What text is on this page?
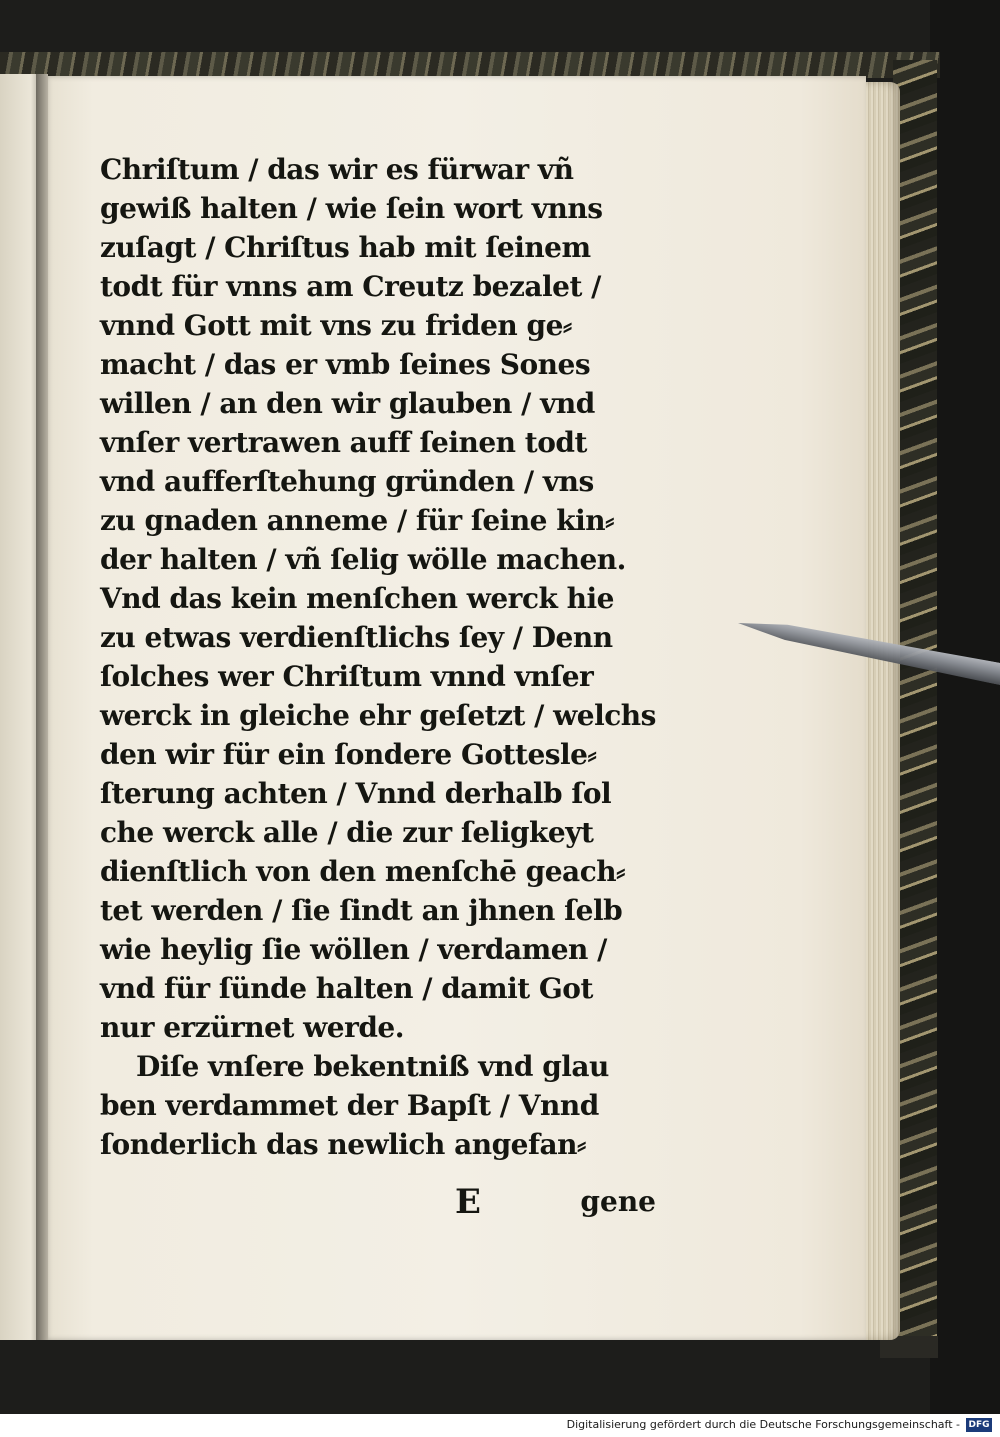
Chriſtum / das wir es fürwar vñ
gewiß halten / wie ſein wort vnns
zuſagt / Chriſtus hab mit ſeinem
todt für vnns am Creutz bezalet /
vnnd Gott mit vns zu friden ge⸗
macht / das er vmb ſeines Sones
willen / an den wir glauben / vnd
vnſer vertrawen auff ſeinen todt
vnd aufferſtehung gründen / vns
zu gnaden anneme / für ſeine kin⸗
der halten / vñ ſelig wölle machen.
Vnd das kein menſchen werck hie
zu etwas verdienſtlichs ſey / Denn
ſolches wer Chriſtum vnnd vnſer
werck in gleiche ehr geſetzt / welchs
den wir für ein ſondere Gottesle⸗
ſterung achten / Vnnd derhalb ſol
che werck alle / die zur ſeligkeyt
dienſtlich von den menſchē geach⸗
tet werden / ſie ſindt an jhnen ſelb
wie heylig ſie wöllen / verdamen /
vnd für ſünde halten / damit Got
nur erzürnet werde.
Diſe vnſere bekentniß vnd glau
ben verdammet der Bapſt / Vnnd
ſonderlich das newlich angefan⸗
E	gene
Digitalisierung gefördert durch die Deutsche Forschungsgemeinschaft - DFG
